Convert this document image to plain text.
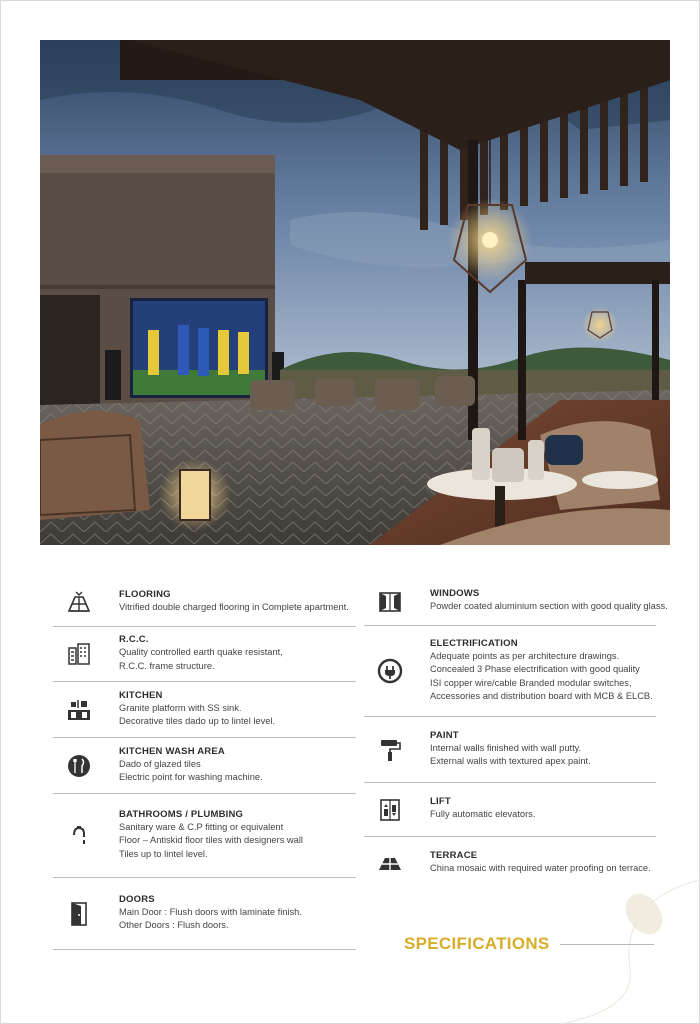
FLOORING
Vitrified double charged flooring in Complete apartment.
R.C.C.
Quality controlled earth quake resistant,
R.C.C. frame structure.
KITCHEN
Granite platform with SS sink.
Decorative tiles dado up to lintel level.
KITCHEN WASH AREA
Dado of glazed tiles
Electric point for washing machine.
BATHROOMS / PLUMBING
Sanitary ware & C.P fitting or equivalent
Floor – Antiskid floor tiles with designers wall
Tiles up to lintel level.
DOORS
Main Door : Flush doors with laminate finish.
Other Doors : Flush doors.
WINDOWS
Powder coated aluminium section with good quality glass.
ELECTRIFICATION
Adequate points as per architecture drawings.
Concealed 3 Phase electrification with good quality
ISI copper wire/cable Branded modular switches,
Accessories and distribution board with MCB & ELCB.
PAINT
Internal walls finished with wall putty.
External walls with textured apex paint.
LIFT
Fully automatic elevators.
TERRACE
China mosaic with required water proofing on terrace.
SPECIFICATIONS
